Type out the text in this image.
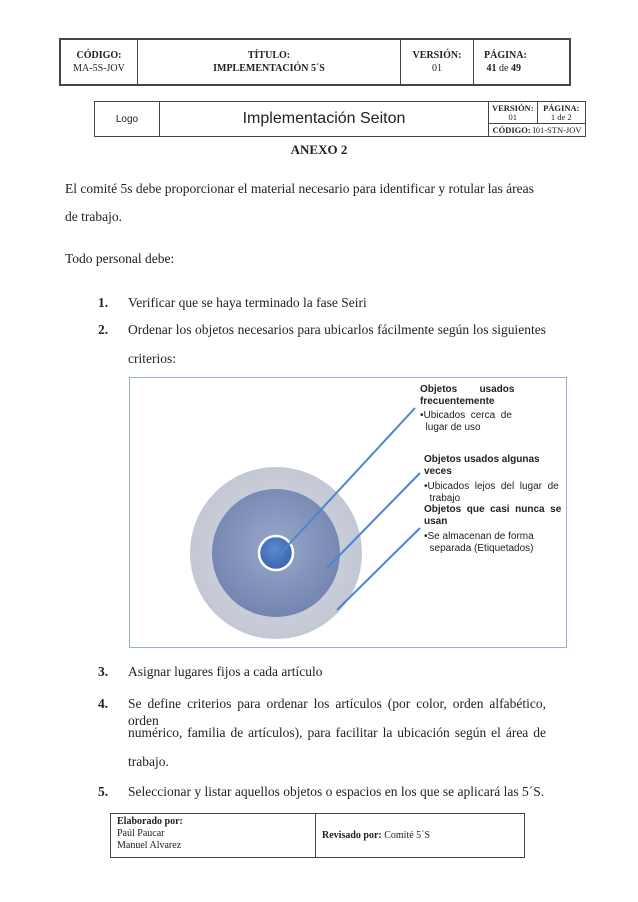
CÓDIGO:
MA-5S-JOV
TÍTULO:
IMPLEMENTACIÓN 5´S
VERSIÓN:
01
PÁGINA:
41 de 49
Logo	Implementación Seiton
VERSIÓN:
01
PÁGINA:
1 de 2
CÓDIGO:
I01-STN-JOV
ANEXO 2
El comité 5s debe proporcionar el material necesario para identificar y rotular las áreas
de trabajo.
Todo personal debe:
1. Verificar que se haya terminado la fase Seiri
2. Ordenar los objetos necesarios para ubicarlos fácilmente según los siguientes
criterios:
Objetos        usados
frecuentemente
•Ubicados  cerca  de
lugar de uso
Objetos usados algunas veces
•Ubicados  lejos  del  lugar  de
trabajo
Objetos  que  casi  nunca  se
usan
•Se almacenan de forma
separada (Etiquetados)
3. Asignar lugares fijos a cada artículo
4. Se define criterios para ordenar los artículos (por color, orden alfabético, orden
numérico, familia de artículos), para facilitar la ubicación según el área de
trabajo.
5. Seleccionar y listar aquellos objetos o espacios en los que se aplicará las 5´S.
Elaborado por:
Paúl Paucar
Manuel Alvarez
Revisado por:
Comité 5´S
